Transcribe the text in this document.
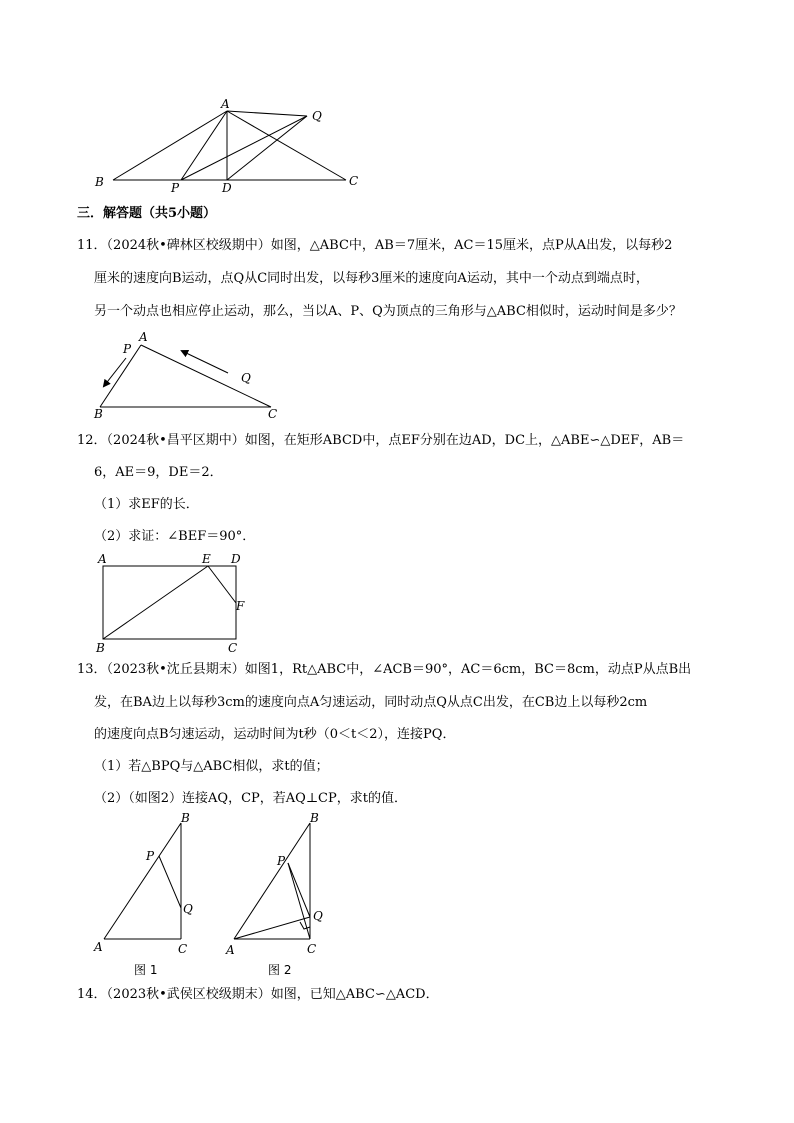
A
B	C
D
P
Q
三．解答题（共5小题）
11．（2024秋•碑林区校级期中）如图，△ABC中，AB＝7厘米，AC＝15厘米，点P从A出发，以每秒2
厘米的速度向B运动，点Q从C同时出发，以每秒3厘米的速度向A运动，其中一个动点到端点时，
另一个动点也相应停止运动，那么，当以A、P、Q为顶点的三角形与△ABC相似时，运动时间是多少？
A
B	C
P
Q
12．（2024秋•昌平区期中）如图，在矩形ABCD中，点EF分别在边AD，DC上，△ABE∽△DEF，AB＝
6，AE＝9，DE＝2．
（1）求EF的长．
（2）求证：∠BEF＝90°．
A	E D
F
B	C
13．（2023秋•沈丘县期末）如图1，Rt△ABC中，∠ACB＝90°，AC＝6cm，BC＝8cm，动点P从点B出
发，在BA边上以每秒3cm的速度向点A匀速运动，同时动点Q从点C出发，在CB边上以每秒2cm
的速度向点B匀速运动，运动时间为t秒（0＜t＜2），连接PQ．
（1）若△BPQ与△ABC相似，求t的值；
（2）（如图2）连接AQ，CP，若AQ⊥CP，求t的值．
B
P
Q
A	C
图 1
B
P
Q
A	C
图 2
14．（2023秋•武侯区校级期末）如图，已知△ABC∽△ACD．
